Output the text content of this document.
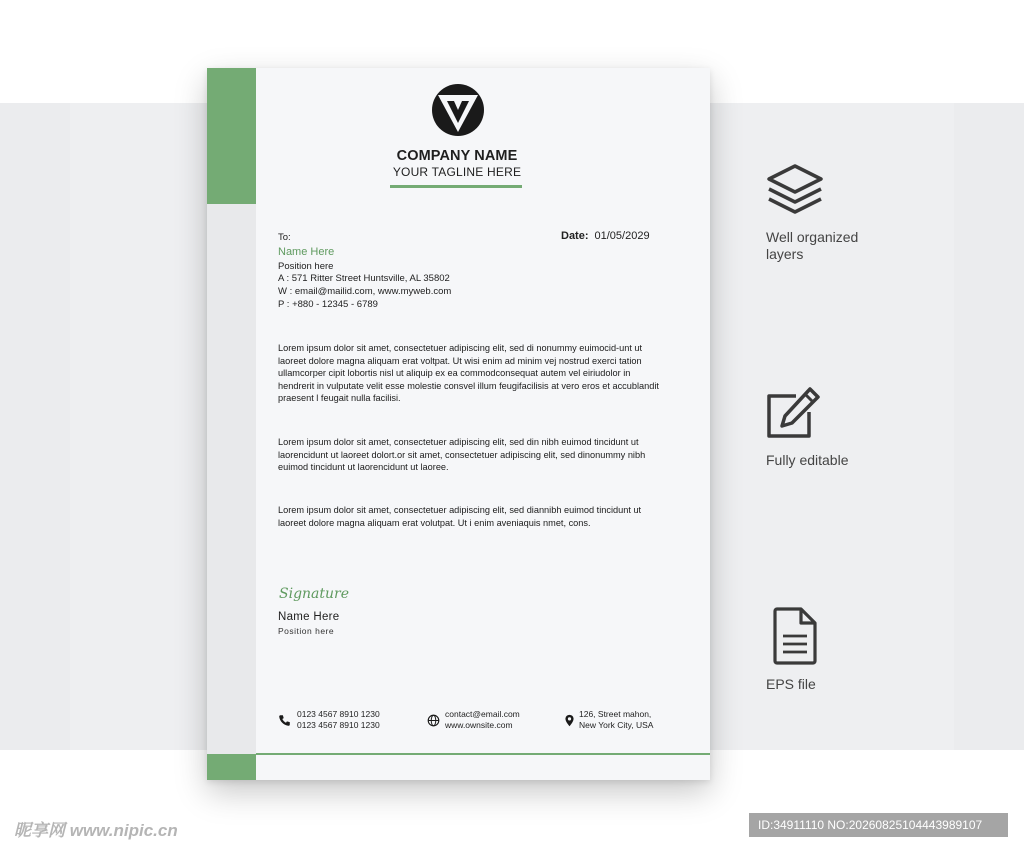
COMPANY NAME
YOUR TAGLINE HERE
To:
Name Here
Position here
A : 571 Ritter Street Huntsville, AL 35802
W : email@mailid.com, www.myweb.com
P : +880 - 12345 - 6789
Date: 01/05/2029
Lorem ipsum dolor sit amet, consectetuer adipiscing elit, sed di nonummy euimocid-unt ut laoreet dolore magna aliquam erat voltpat. Ut wisi enim ad minim vej nostrud exerci tation ullamcorper cipit lobortis nisl ut aliquip ex ea commodconsequat autem vel eiriudolor in hendrerit in vulputate velit esse molestie consvel illum feugifacilisis at vero eros et accublandit praesent l feugait nulla facilisi.
Lorem ipsum dolor sit amet, consectetuer adipiscing elit, sed din nibh euimod tincidunt ut laorencidunt ut laoreet dolort.or sit amet, consectetuer adipiscing elit, sed dinonummy nibh euimod tincidunt ut laorencidunt ut laoree.
Lorem ipsum dolor sit amet, consectetuer adipiscing elit, sed diannibh euimod tincidunt ut laoreet dolore magna aliquam erat volutpat. Ut i enim aveniaquis nmet, cons.
Signature
Name Here
Position here
0123 4567 8910 1230
0123 4567 8910 1230
contact@email.com
www.ownsite.com
126, Street mahon,
New York City, USA
Well organized
layers
Fully editable
EPS file
昵享网 www.nipic.cn	ID:34911110 NO:20260825104443989107
